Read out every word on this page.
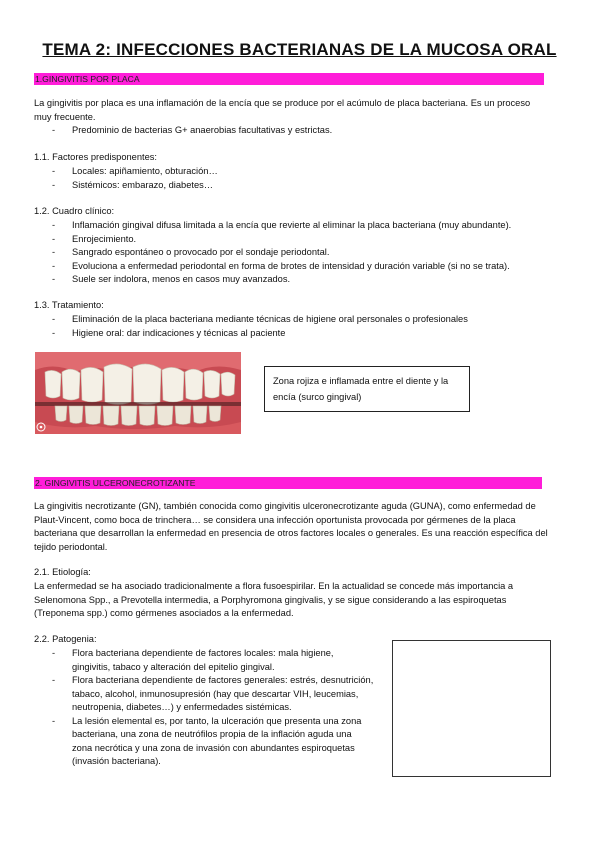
TEMA 2: INFECCIONES BACTERIANAS DE LA MUCOSA ORAL
1.GINGIVITIS POR PLACA

La gingivitis por placa es una inflamación de la encía que se produce por el acúmulo de placa bacteriana. Es un proceso muy frecuente.

- Predominio de bacterias G+ anaerobias facultativas y estrictas.
1.1. Factores predisponentes:
- Locales: apiñamiento, obturación…
- Sistémicos: embarazo, diabetes…
1.2. Cuadro clínico:
- Inflamación gingival difusa limitada a la encía que revierte al eliminar la placa bacteriana (muy abundante).
- Enrojecimiento.
- Sangrado espontáneo o provocado por el sondaje periodontal.
- Evoluciona a enfermedad periodontal en forma de brotes de intensidad y duración variable (si no se trata).
- Suele ser indolora, menos en casos muy avanzados.
1.3. Tratamiento:
- Eliminación de la placa bacteriana mediante técnicas de higiene oral personales o profesionales
- Higiene oral: dar indicaciones y técnicas al paciente
Zona rojiza e inflamada entre el diente y la encía (surco gingival)
2. GINGIVITIS ULCERONECROTIZANTE

La gingivitis necrotizante (GN), también conocida como gingivitis ulceronecrotizante aguda (GUNA), como enfermedad de Plaut-Vincent, como boca de trinchera… se considera una infección oportunista provocada por gérmenes de la placa bacteriana que desarrollan la enfermedad en presencia de otros factores locales o generales. Es una reacción específica del tejido periodontal.

2.1. Etiología:

La enfermedad se ha asociado tradicionalmente a flora fusoespirilar. En la actualidad se concede más importancia a Selenomona Spp., a Prevotella intermedia, a Porphyromona gingivalis, y se sigue considerando a las espiroquetas (Treponema spp.) como gérmenes asociados a la enfermedad.

2.2. Patogenia:
- Flora bacteriana dependiente de factores locales: mala higiene, gingivitis, tabaco y alteración del epitelio gingival.
- Flora bacteriana dependiente de factores generales: estrés, desnutrición, tabaco, alcohol, inmunosupresión (hay que descartar VIH, leucemias, neutropenia, diabetes…) y enfermedades sistémicas.
- La lesión elemental es, por tanto, la ulceración que presenta una zona bacteriana, una zona de neutrófilos propia de la inflación aguda una zona necrótica y una zona de invasión con abundantes espiroquetas (invasión bacteriana).
